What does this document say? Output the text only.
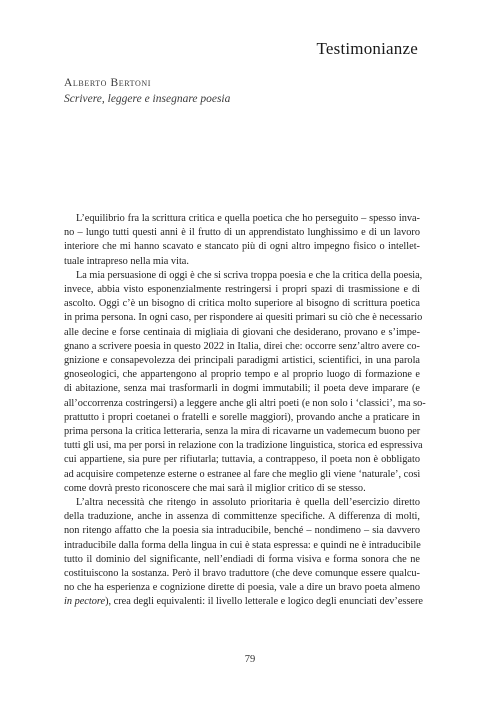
Testimonianze
Alberto Bertoni
Scrivere, leggere e insegnare poesia
L’equilibrio fra la scrittura critica e quella poetica che ho perseguito – spesso inva-
no – lungo tutti questi anni è il frutto di un apprendistato lunghissimo e di un lavoro
interiore che mi hanno scavato e stancato più di ogni altro impegno fisico o intellet-
tuale intrapreso nella mia vita.
La mia persuasione di oggi è che si scriva troppa poesia e che la critica della poesia,
invece, abbia visto esponenzialmente restringersi i propri spazi di trasmissione e di
ascolto. Oggi c’è un bisogno di critica molto superiore al bisogno di scrittura poetica
in prima persona. In ogni caso, per rispondere ai quesiti primari su ciò che è necessario
alle decine e forse centinaia di migliaia di giovani che desiderano, provano e s’impe-
gnano a scrivere poesia in questo 2022 in Italia, direi che: occorre senz’altro avere co-
gnizione e consapevolezza dei principali paradigmi artistici, scientifici, in una parola
gnoseologici, che appartengono al proprio tempo e al proprio luogo di formazione e
di abitazione, senza mai trasformarli in dogmi immutabili; il poeta deve imparare (e
all’occorrenza costringersi) a leggere anche gli altri poeti (e non solo i ‘classici’, ma so-
prattutto i propri coetanei o fratelli e sorelle maggiori), provando anche a praticare in
prima persona la critica letteraria, senza la mira di ricavarne un vademecum buono per
tutti gli usi, ma per porsi in relazione con la tradizione linguistica, storica ed espressiva
cui appartiene, sia pure per rifiutarla; tuttavia, a contrappeso, il poeta non è obbligato
ad acquisire competenze esterne o estranee al fare che meglio gli viene ‘naturale’, così
come dovrà presto riconoscere che mai sarà il miglior critico di se stesso.
L’altra necessità che ritengo in assoluto prioritaria è quella dell’esercizio diretto
della traduzione, anche in assenza di committenze specifiche. A differenza di molti,
non ritengo affatto che la poesia sia intraducibile, benché – nondimeno – sia davvero
intraducibile dalla forma della lingua in cui è stata espressa: e quindi ne è intraducibile
tutto il dominio del significante, nell’endiadi di forma visiva e forma sonora che ne
costituiscono la sostanza. Però il bravo traduttore (che deve comunque essere qualcu-
no che ha esperienza e cognizione dirette di poesia, vale a dire un bravo poeta almeno
in pectore), crea degli equivalenti: il livello letterale e logico degli enunciati dev’essere
79
